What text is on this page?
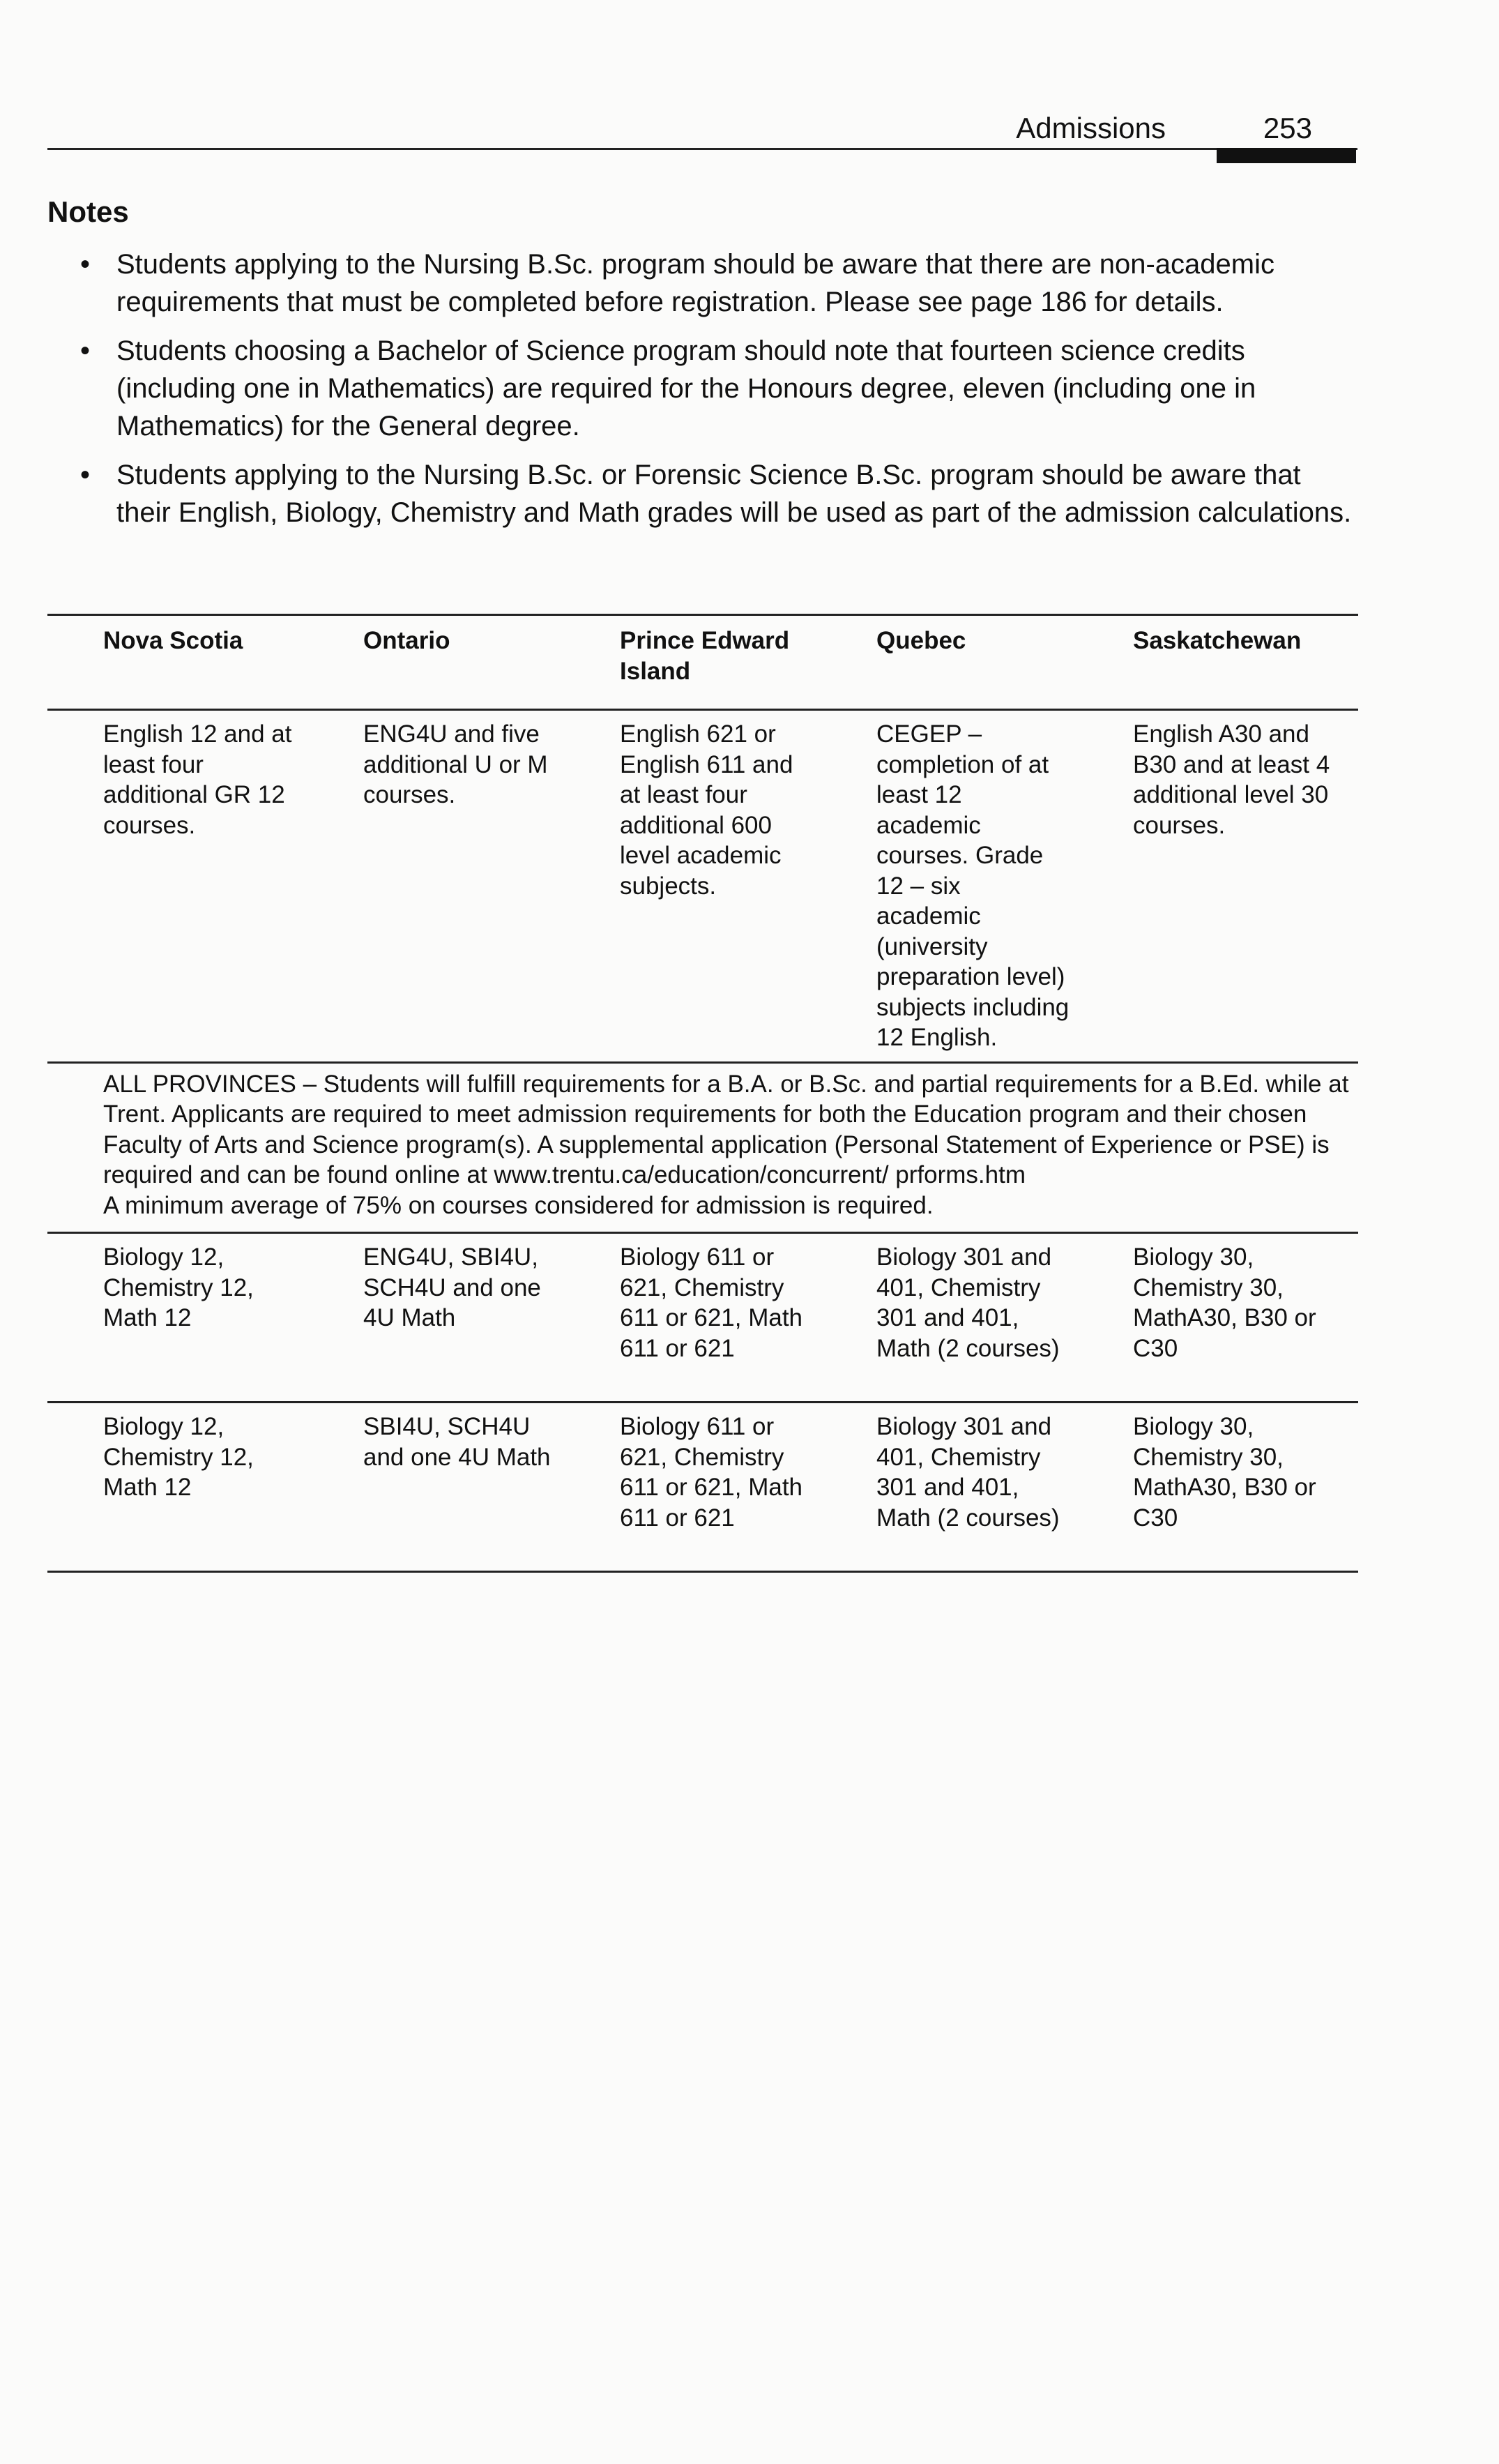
Admissions	253
Notes
• Students applying to the Nursing B.Sc. program should be aware that there are non-academic requirements that must be completed before registration. Please see page 186 for details.
• Students choosing a Bachelor of Science program should note that fourteen science credits (including one in Mathematics) are required for the Honours degree, eleven (including one in Mathematics) for the General degree.
• Students applying to the Nursing B.Sc. or Forensic Science B.Sc. program should be aware that their English, Biology, Chemistry and Math grades will be used as part of the admission calculations.
Nova Scotia	Ontario	Prince Edward Island	Quebec	Saskatchewan
English 12 and at least four additional GR 12 courses.	ENG4U and five additional U or M courses.	English 621 or English 611 and at least four additional 600 level academic subjects.	CEGEP – completion of at least 12 academic courses. Grade 12 – six academic (university preparation level) subjects including 12 English.	English A30 and B30 and at least 4 additional level 30 courses.

ALL PROVINCES – Students will fulfill requirements for a B.A. or B.Sc. and partial requirements for a B.Ed. while at Trent. Applicants are required to meet admission requirements for both the Education program and their chosen Faculty of Arts and Science program(s). A supplemental application (Personal Statement of Experience or PSE) is required and can be found online at www.trentu.ca/education/concurrent/ prforms.htm
A minimum average of 75% on courses considered for admission is required.				

Biology 12, Chemistry 12, Math 12	ENG4U, SBI4U, SCH4U and one 4U Math	Biology 611 or 621, Chemistry 611 or 621, Math 611 or 621	Biology 301 and 401, Chemistry 301 and 401, Math (2 courses)	Biology 30, Chemistry 30, MathA30, B30 or C30
Biology 12, Chemistry 12, Math 12	SBI4U, SCH4U and one 4U Math	Biology 611 or 621, Chemistry 611 or 621, Math 611 or 621	Biology 301 and 401, Chemistry 301 and 401, Math (2 courses)	Biology 30, Chemistry 30, MathA30, B30 or C30
